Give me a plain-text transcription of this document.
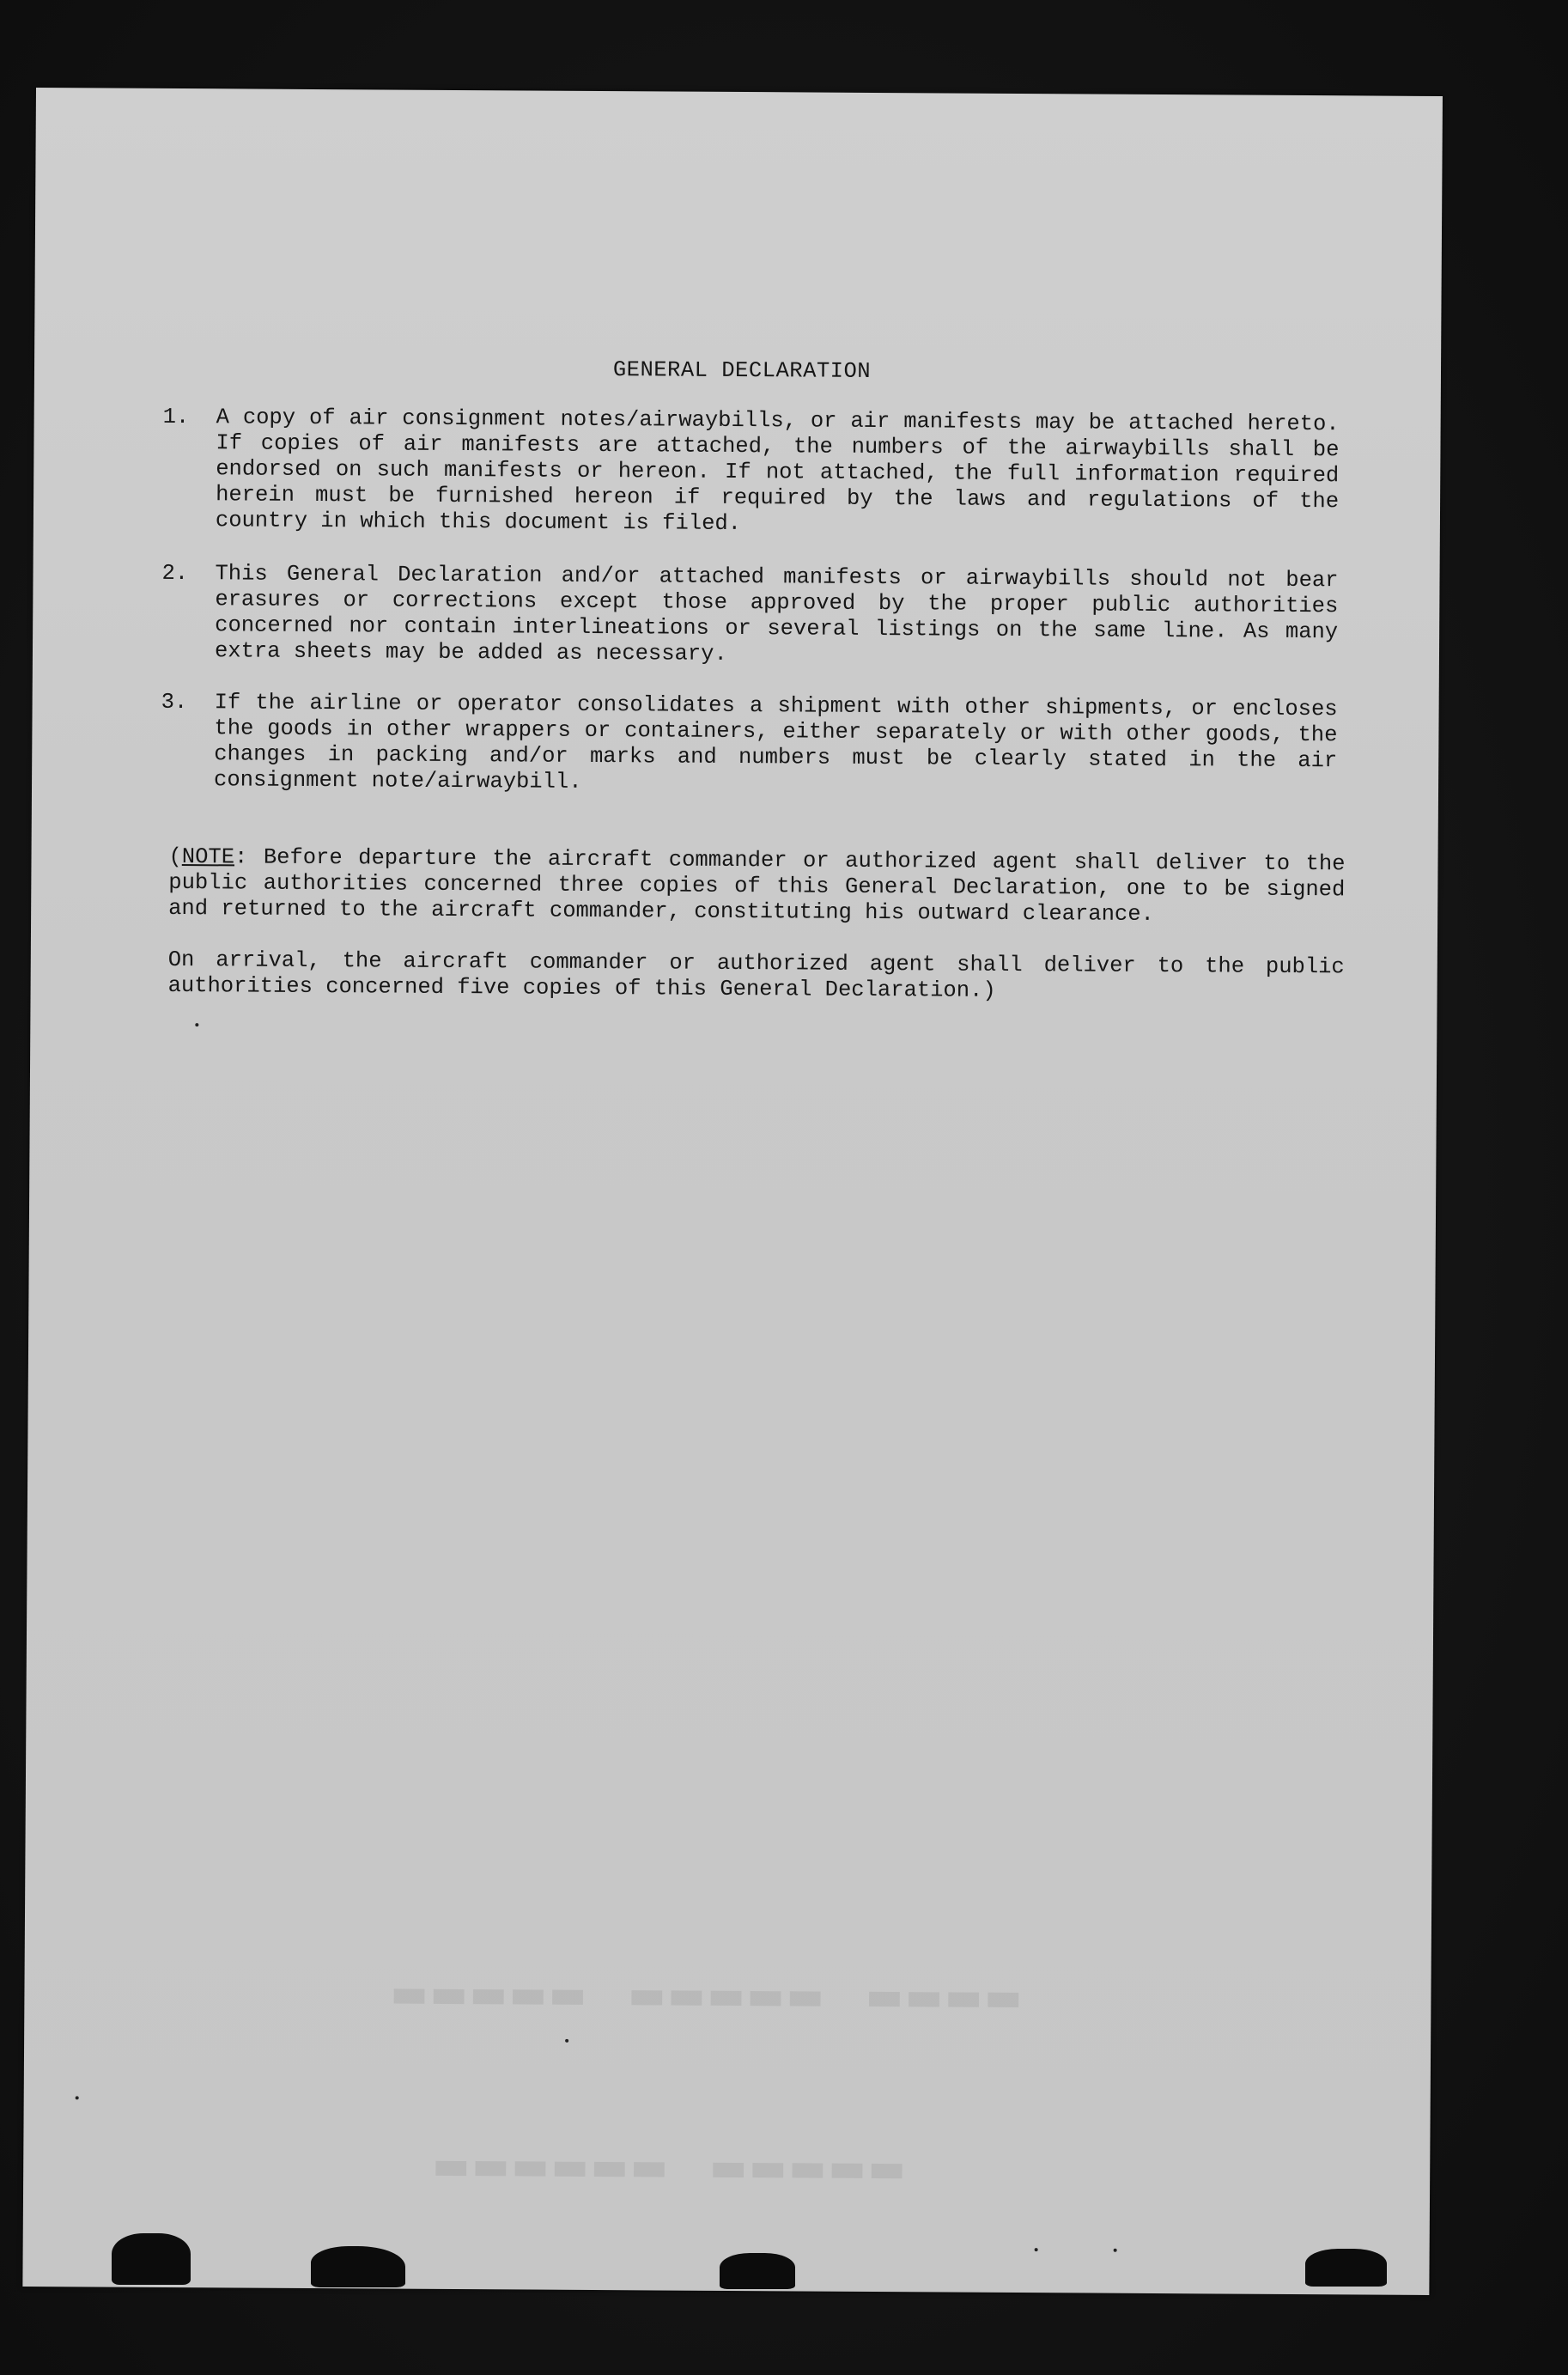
▬▬▬▬ ▬▬▬▬▬ ▬▬▬▬▬
▬▬▬▬▬ ▬▬▬▬▬▬
GENERAL DECLARATION
1. A copy of air consignment notes/airwaybills, or air manifests may be attached hereto. If copies of air manifests are attached, the numbers of the airwaybills shall be endorsed on such manifests or hereon. If not attached, the full information required herein must be furnished hereon if required by the laws and regulations of the country in which this document is filed.
2. This General Declaration and/or attached manifests or airwaybills should not bear erasures or corrections except those approved by the proper public authorities concerned nor contain interlineations or several listings on the same line. As many extra sheets may be added as necessary.
3. If the airline or operator consolidates a shipment with other shipments, or encloses the goods in other wrappers or containers, either separately or with other goods, the changes in packing and/or marks and numbers must be clearly stated in the air consignment note/airwaybill.
(NOTE: Before departure the aircraft commander or authorized agent shall deliver to the public authorities concerned three copies of this General Declaration, one to be signed and returned to the aircraft commander, constituting his outward clearance.
On arrival, the aircraft commander or authorized agent shall deliver to the public authorities concerned five copies of this General Declaration.)
